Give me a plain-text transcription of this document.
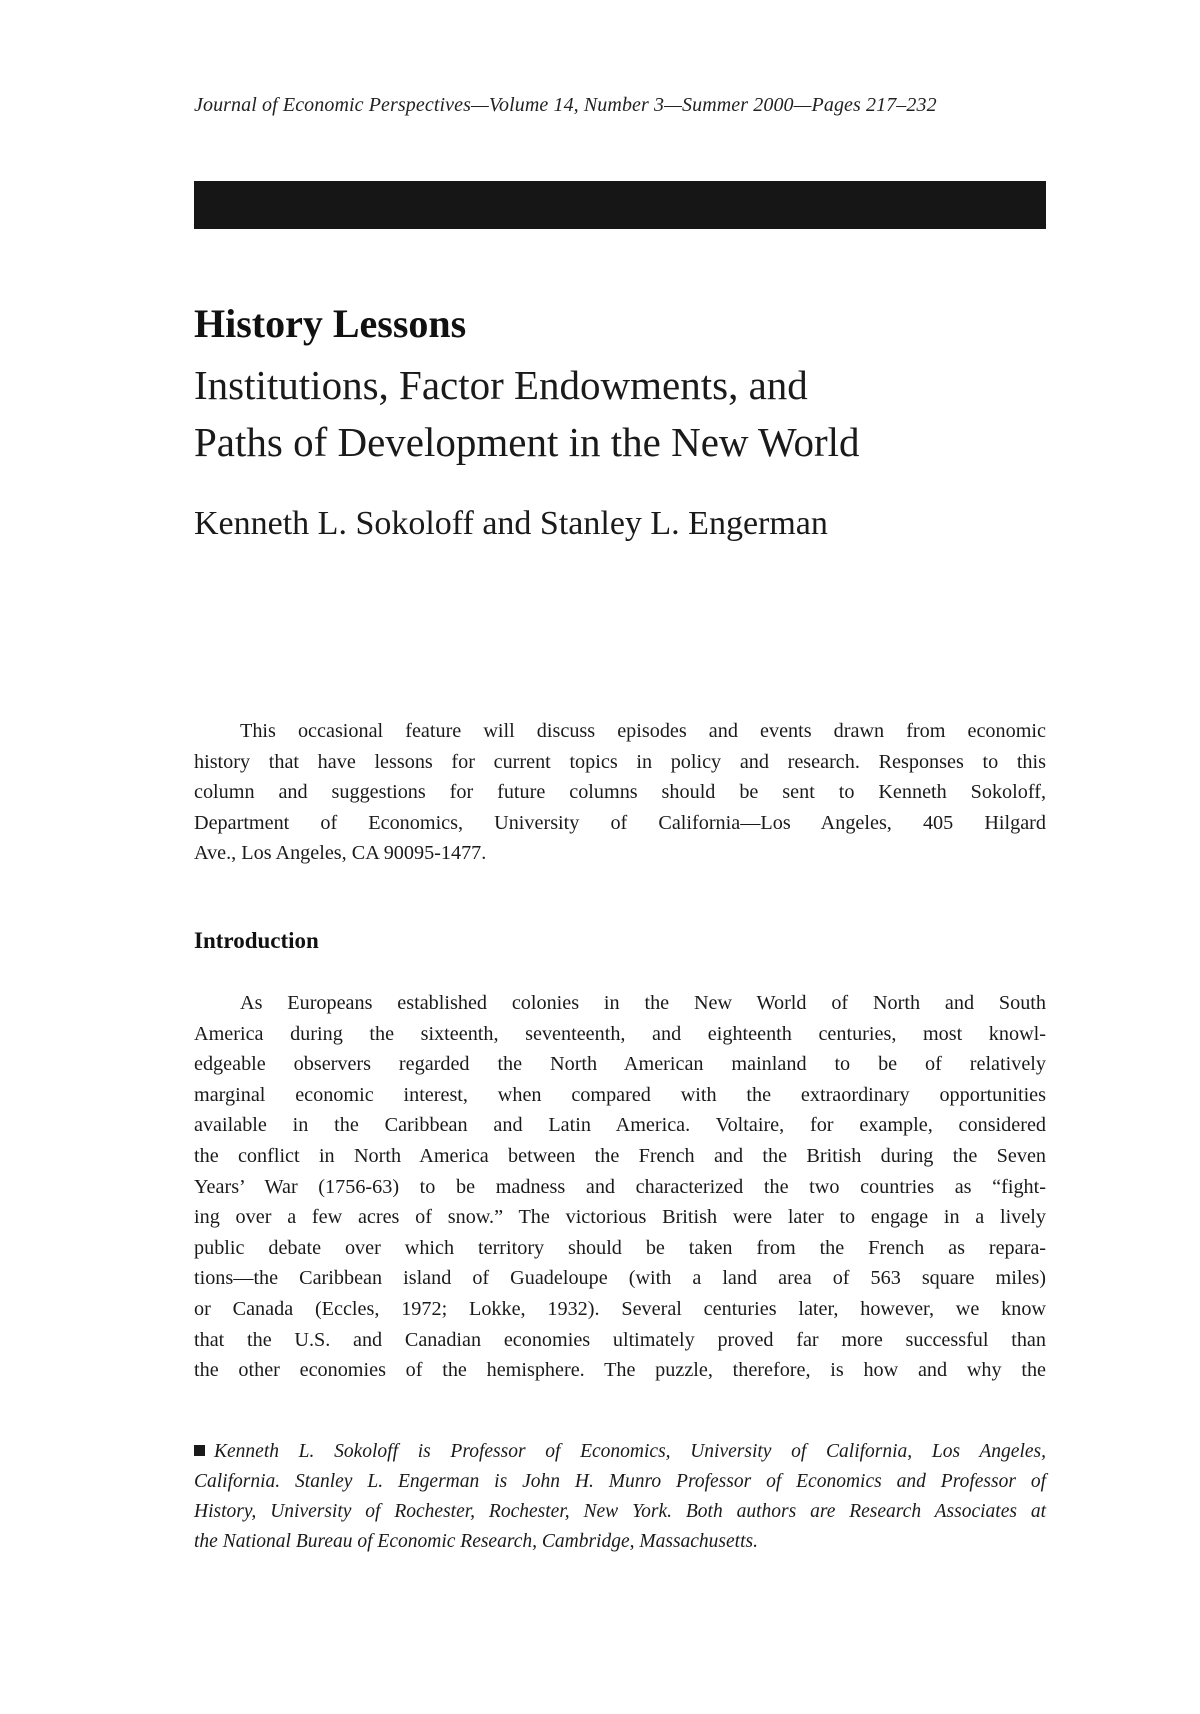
Journal of Economic Perspectives—Volume 14, Number 3—Summer 2000—Pages 217–232
History Lessons
Institutions, Factor Endowments, and
Paths of Development in the New World
Kenneth L. Sokoloff and Stanley L. Engerman
This occasional feature will discuss episodes and events drawn from economic
history that have lessons for current topics in policy and research. Responses to this
column and suggestions for future columns should be sent to Kenneth Sokoloff,
Department of Economics, University of California—Los Angeles, 405 Hilgard
Ave., Los Angeles, CA 90095-1477.
Introduction
As Europeans established colonies in the New World of North and South
America during the sixteenth, seventeenth, and eighteenth centuries, most knowl-
edgeable observers regarded the North American mainland to be of relatively
marginal economic interest, when compared with the extraordinary opportunities
available in the Caribbean and Latin America. Voltaire, for example, considered
the conflict in North America between the French and the British during the Seven
Years’ War (1756-63) to be madness and characterized the two countries as “fight-
ing over a few acres of snow.” The victorious British were later to engage in a lively
public debate over which territory should be taken from the French as repara-
tions—the Caribbean island of Guadeloupe (with a land area of 563 square miles)
or Canada (Eccles, 1972; Lokke, 1932). Several centuries later, however, we know
that the U.S. and Canadian economies ultimately proved far more successful than
the other economies of the hemisphere. The puzzle, therefore, is how and why the
Kenneth L. Sokoloff is Professor of Economics, University of California, Los Angeles,
California. Stanley L. Engerman is John H. Munro Professor of Economics and Professor of
History, University of Rochester, Rochester, New York. Both authors are Research Associates at
the National Bureau of Economic Research, Cambridge, Massachusetts.
